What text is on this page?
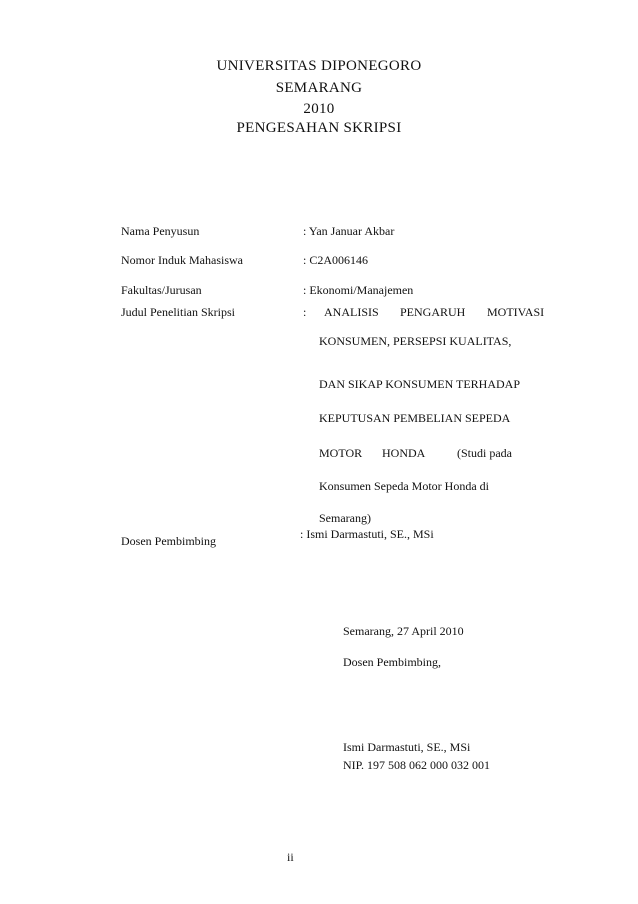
UNIVERSITAS DIPONEGORO
SEMARANG
2010
PENGESAHAN SKRIPSI
Nama Penyusun
Nomor Induk Mahasiswa
Fakultas/Jurusan
Judul Penelitian Skripsi
Dosen Pembimbing
: Yan Januar Akbar
: C2A006146
: Ekonomi/Manajemen
: ANALISIS PENGARUH MOTIVASI
KONSUMEN, PERSEPSI KUALITAS,
DAN SIKAP KONSUMEN TERHADAP
KEPUTUSAN PEMBELIAN SEPEDA
MOTOR HONDA	(Studi pada
Konsumen Sepeda Motor Honda di
Semarang)
: Ismi Darmastuti, SE., MSi
Semarang, 27 April 2010
Dosen Pembimbing,
Ismi Darmastuti, SE., MSi
NIP. 197 508 062 000 032 001
ii
